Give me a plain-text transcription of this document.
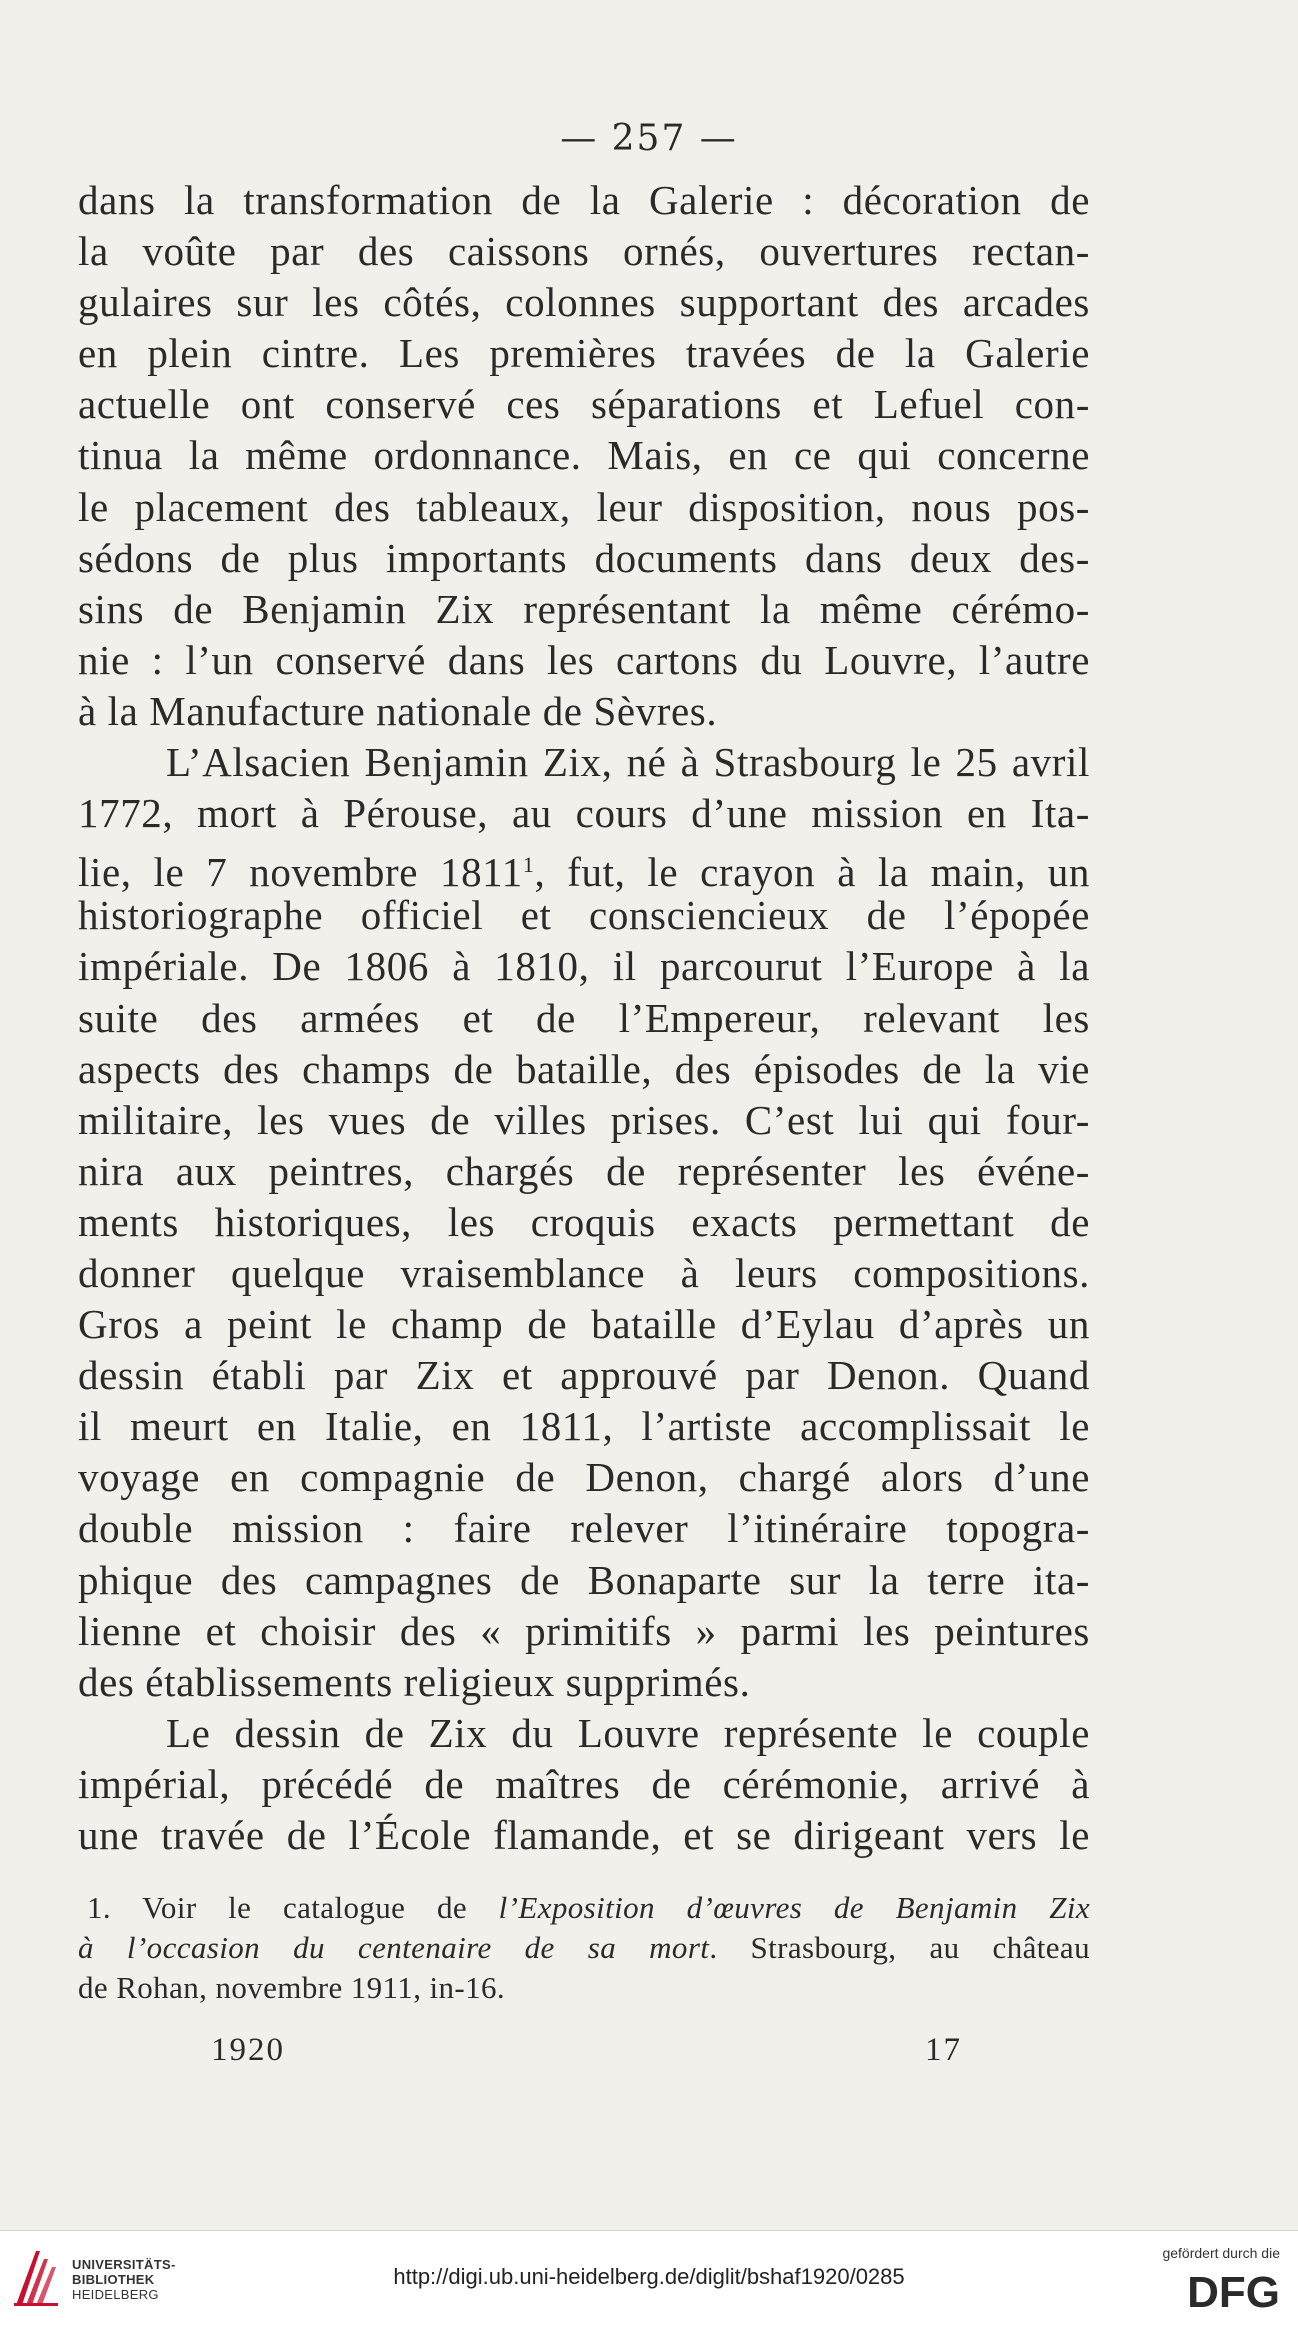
— 257 —
dans la transformation de la Galerie : décoration de
la voûte par des caissons ornés, ouvertures rectan-
gulaires sur les côtés, colonnes supportant des arcades
en plein cintre. Les premières travées de la Galerie
actuelle ont conservé ces séparations et Lefuel con-
tinua la même ordonnance. Mais, en ce qui concerne
le placement des tableaux, leur disposition, nous pos-
sédons de plus importants documents dans deux des-
sins de Benjamin Zix représentant la même cérémo-
nie : l’un conservé dans les cartons du Louvre, l’autre
à la Manufacture nationale de Sèvres.
L’Alsacien Benjamin Zix, né à Strasbourg le 25 avril
1772, mort à Pérouse, au cours d’une mission en Ita-
lie, le 7 novembre 1811$^1$, fut, le crayon à la main, un
historiographe officiel et consciencieux de l’épopée
impériale. De 1806 à 1810, il parcourut l’Europe à la
suite des armées et de l’Empereur, relevant les
aspects des champs de bataille, des épisodes de la vie
militaire, les vues de villes prises. C’est lui qui four-
nira aux peintres, chargés de représenter les événe-
ments historiques, les croquis exacts permettant de
donner quelque vraisemblance à leurs compositions.
Gros a peint le champ de bataille d’Eylau d’après un
dessin établi par Zix et approuvé par Denon. Quand
il meurt en Italie, en 1811, l’artiste accomplissait le
voyage en compagnie de Denon, chargé alors d’une
double mission : faire relever l’itinéraire topogra-
phique des campagnes de Bonaparte sur la terre ita-
lienne et choisir des « primitifs » parmi les peintures
des établissements religieux supprimés.
Le dessin de Zix du Louvre représente le couple
impérial, précédé de maîtres de cérémonie, arrivé à
une travée de l’École flamande, et se dirigeant vers le
1. Voir le catalogue de l’Exposition d’œuvres de Benjamin Zix
à l’occasion du centenaire de sa mort. Strasbourg, au château
de Rohan, novembre 1911, in-16.
1920	17
UNIVERSITÄTS-
BIBLIOTHEK
HEIDELBERG
http://digi.ub.uni-heidelberg.de/diglit/bshaf1920/0285
gefördert durch die
DFG
